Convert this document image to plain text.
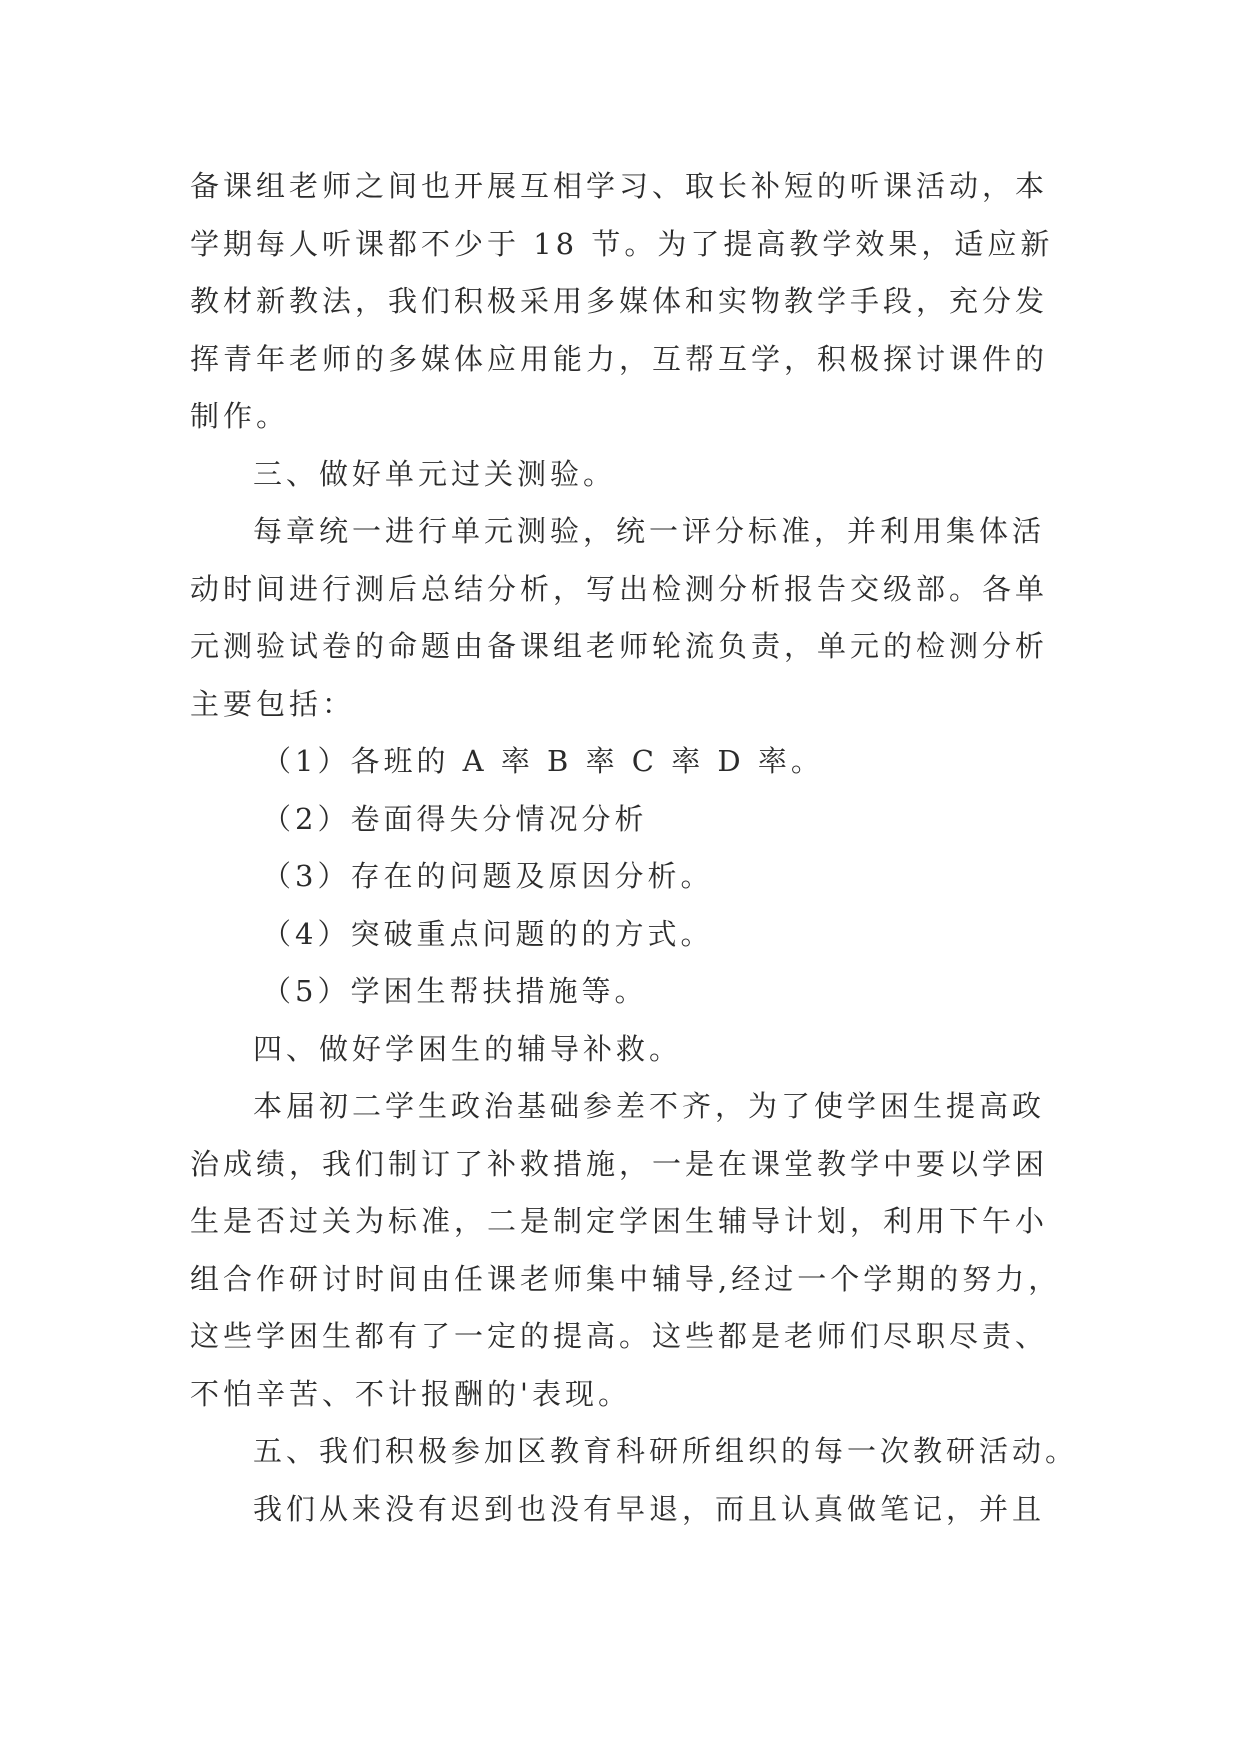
备课组老师之间也开展互相学习、取长补短的听课活动，本
学期每人听课都不少于 18 节。为了提高教学效果，适应新
教材新教法，我们积极采用多媒体和实物教学手段，充分发
挥青年老师的多媒体应用能力，互帮互学，积极探讨课件的
制作。
三、做好单元过关测验。
每章统一进行单元测验，统一评分标准，并利用集体活
动时间进行测后总结分析，写出检测分析报告交级部。各单
元测验试卷的命题由备课组老师轮流负责，单元的检测分析
主要包括：
（1）各班的 A 率 B 率 C 率 D 率。
（2）卷面得失分情况分析
（3）存在的问题及原因分析。
（4）突破重点问题的的方式。
（5）学困生帮扶措施等。
四、做好学困生的辅导补救。
本届初二学生政治基础参差不齐，为了使学困生提高政
治成绩，我们制订了补救措施，一是在课堂教学中要以学困
生是否过关为标准，二是制定学困生辅导计划，利用下午小
组合作研讨时间由任课老师集中辅导,经过一个学期的努力，
这些学困生都有了一定的提高。这些都是老师们尽职尽责、
不怕辛苦、不计报酬的'表现。
五、我们积极参加区教育科研所组织的每一次教研活动。
我们从来没有迟到也没有早退，而且认真做笔记，并且
